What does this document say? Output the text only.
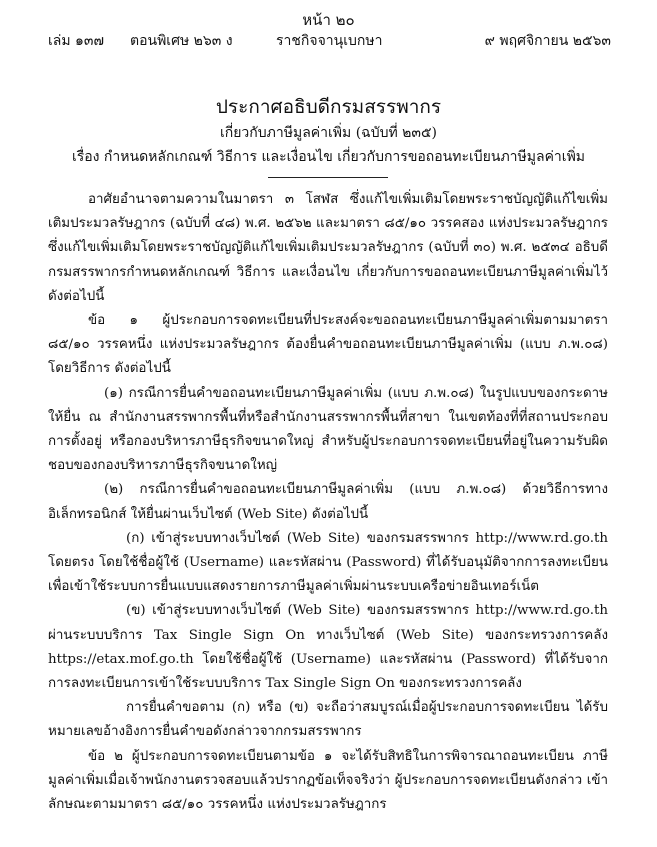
หน้า ๒๐
เล่ม ๑๓๗ ตอนพิเศษ ๒๖๓ ง	ราชกิจจานุเบกษา	๙ พฤศจิกายน ๒๕๖๓
ประกาศอธิบดีกรมสรรพากร
เกี่ยวกับภาษีมูลค่าเพิ่ม (ฉบับที่ ๒๓๕)
เรื่อง กำหนดหลักเกณฑ์ วิธีการ และเงื่อนไข เกี่ยวกับการขอถอนทะเบียนภาษีมูลค่าเพิ่ม

อาศัยอำนาจตามความในมาตรา ๓ โสฬส ซึ่งแก้ไขเพิ่มเติมโดยพระราชบัญญัติแก้ไขเพิ่มเติมประมวลรัษฎากร (ฉบับที่ ๔๘) พ.ศ. ๒๕๖๒ และมาตรา ๘๕/๑๐ วรรคสอง แห่งประมวลรัษฎากร ซึ่งแก้ไขเพิ่มเติมโดยพระราชบัญญัติแก้ไขเพิ่มเติมประมวลรัษฎากร (ฉบับที่ ๓๐) พ.ศ. ๒๕๓๔ อธิบดีกรมสรรพากรกำหนดหลักเกณฑ์ วิธีการ และเงื่อนไข เกี่ยวกับการขอถอนทะเบียนภาษีมูลค่าเพิ่มไว้ ดังต่อไปนี้

ข้อ ๑ ผู้ประกอบการจดทะเบียนที่ประสงค์จะขอถอนทะเบียนภาษีมูลค่าเพิ่มตามมาตรา ๘๕/๑๐ วรรคหนึ่ง แห่งประมวลรัษฎากร ต้องยื่นคำขอถอนทะเบียนภาษีมูลค่าเพิ่ม (แบบ ภ.พ.๐๘) โดยวิธีการ ดังต่อไปนี้

(๑) กรณีการยื่นคำขอถอนทะเบียนภาษีมูลค่าเพิ่ม (แบบ ภ.พ.๐๘) ในรูปแบบของกระดาษ ให้ยื่น ณ สำนักงานสรรพากรพื้นที่หรือสำนักงานสรรพากรพื้นที่สาขา ในเขตท้องที่ที่สถานประกอบการตั้งอยู่ หรือกองบริหารภาษีธุรกิจขนาดใหญ่ สำหรับผู้ประกอบการจดทะเบียนที่อยู่ในความรับผิดชอบของกองบริหารภาษีธุรกิจขนาดใหญ่

(๒) กรณีการยื่นคำขอถอนทะเบียนภาษีมูลค่าเพิ่ม (แบบ ภ.พ.๐๘) ด้วยวิธีการทางอิเล็กทรอนิกส์ ให้ยื่นผ่านเว็บไซต์ (Web Site) ดังต่อไปนี้

(ก) เข้าสู่ระบบทางเว็บไซต์ (Web Site) ของกรมสรรพากร http://www.rd.go.th โดยตรง โดยใช้ชื่อผู้ใช้ (Username) และรหัสผ่าน (Password) ที่ได้รับอนุมัติจากการลงทะเบียน เพื่อเข้าใช้ระบบการยื่นแบบแสดงรายการภาษีมูลค่าเพิ่มผ่านระบบเครือข่ายอินเทอร์เน็ต

(ข) เข้าสู่ระบบทางเว็บไซต์ (Web Site) ของกรมสรรพากร http://www.rd.go.th ผ่านระบบบริการ Tax Single Sign On ทางเว็บไซต์ (Web Site) ของกระทรวงการคลัง https://etax.mof.go.th โดยใช้ชื่อผู้ใช้ (Username) และรหัสผ่าน (Password) ที่ได้รับจากการลงทะเบียนการเข้าใช้ระบบบริการ Tax Single Sign On ของกระทรวงการคลัง

การยื่นคำขอตาม (ก) หรือ (ข) จะถือว่าสมบูรณ์เมื่อผู้ประกอบการจดทะเบียน ได้รับหมายเลขอ้างอิงการยื่นคำขอดังกล่าวจากกรมสรรพากร

ข้อ ๒ ผู้ประกอบการจดทะเบียนตามข้อ ๑ จะได้รับสิทธิในการพิจารณาถอนทะเบียน ภาษีมูลค่าเพิ่มเมื่อเจ้าพนักงานตรวจสอบแล้วปรากฏข้อเท็จจริงว่า ผู้ประกอบการจดทะเบียนดังกล่าว เข้าลักษณะตามมาตรา ๘๕/๑๐ วรรคหนึ่ง แห่งประมวลรัษฎากร
